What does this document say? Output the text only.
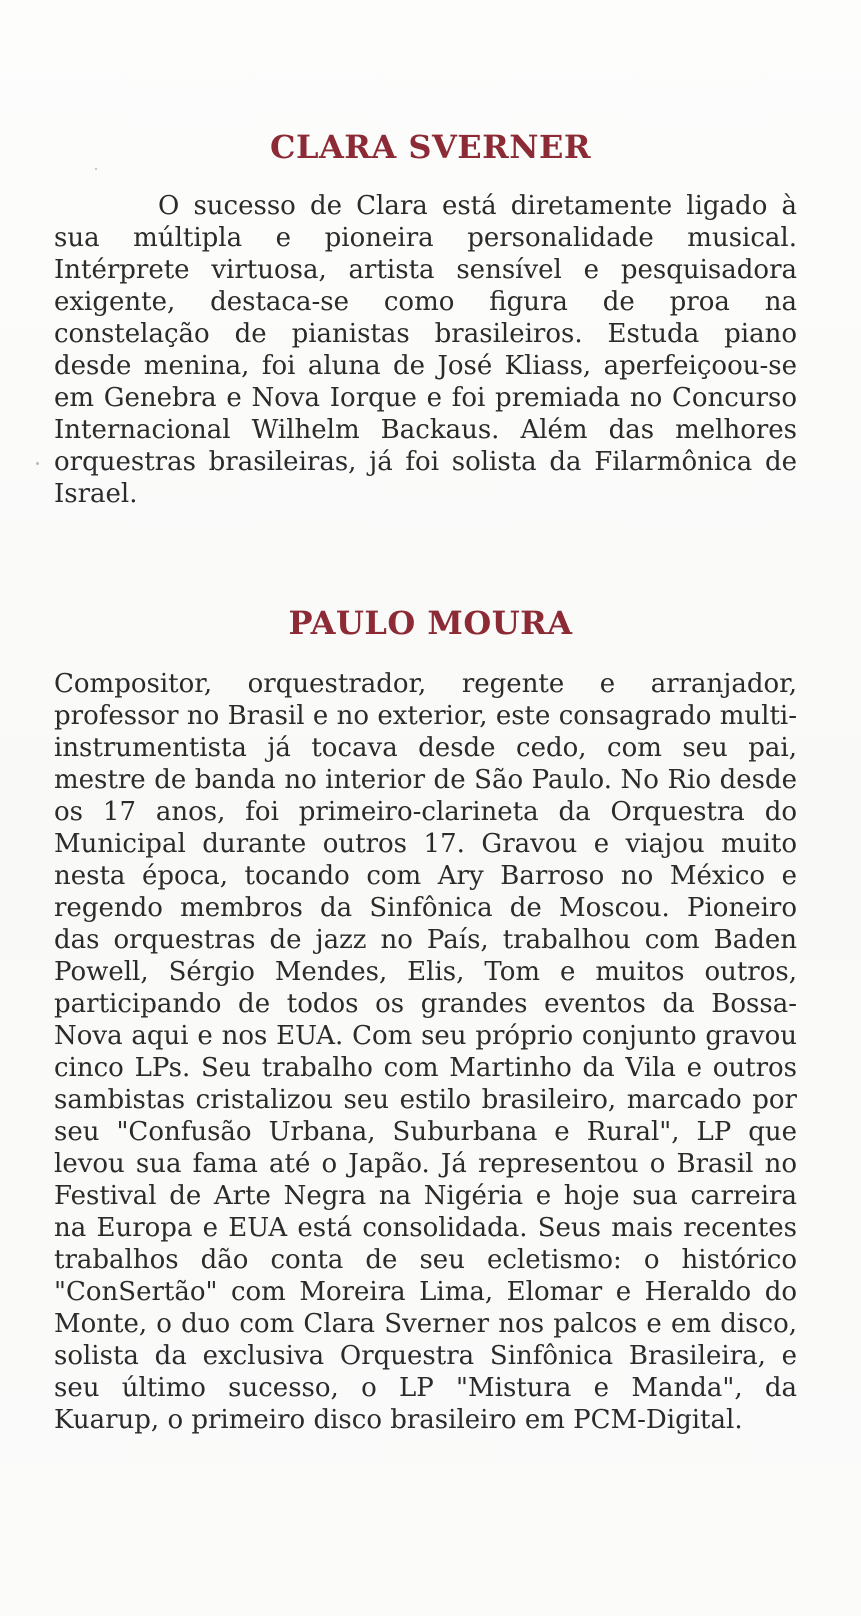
CLARA SVERNER
O sucesso de Clara está diretamente ligado à sua múltipla e pioneira personalidade musical. Intérprete virtuosa, artista sensível e pesquisadora exigente, destaca-se como figura de proa na constelação de pianistas brasileiros. Estuda piano desde menina, foi aluna de José Kliass, aperfeiçoou-se em Genebra e Nova Iorque e foi premiada no Concurso Internacional Wilhelm Backaus. Além das melhores orquestras brasileiras, já foi solista da Filarmônica de Israel.
PAULO MOURA
Compositor, orquestrador, regente e arranjador, professor no Brasil e no exterior, este consagrado multi-instrumentista já tocava desde cedo, com seu pai, mestre de banda no interior de São Paulo. No Rio desde os 17 anos, foi primeiro-clarineta da Orquestra do Municipal durante outros 17. Gravou e viajou muito nesta época, tocando com Ary Barroso no México e regendo membros da Sinfônica de Moscou. Pioneiro das orquestras de jazz no País, trabalhou com Baden Powell, Sérgio Mendes, Elis, Tom e muitos outros, participando de todos os grandes eventos da Bossa- Nova aqui e nos EUA. Com seu próprio conjunto gravou cinco LPs. Seu trabalho com Martinho da Vila e outros sambistas cristalizou seu estilo brasileiro, marcado por seu "Confusão Urbana, Suburbana e Rural", LP que levou sua fama até o Japão. Já representou o Brasil no Festival de Arte Negra na Nigéria e hoje sua carreira na Europa e EUA está consolidada. Seus mais recentes trabalhos dão conta de seu ecletismo: o histórico "ConSertão" com Moreira Lima, Elomar e Heraldo do Monte, o duo com Clara Sverner nos palcos e em disco, solista da exclusiva Orquestra Sinfônica Brasileira, e seu último sucesso, o LP "Mistura e Manda", da Kuarup, o primeiro disco brasileiro em PCM-Digital.
